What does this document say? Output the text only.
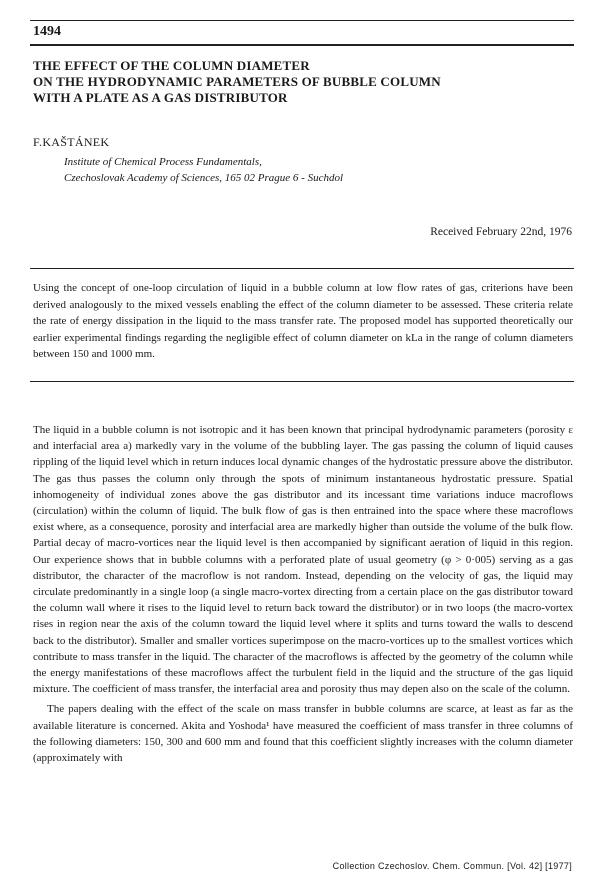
1494
THE EFFECT OF THE COLUMN DIAMETER
ON THE HYDRODYNAMIC PARAMETERS OF BUBBLE COLUMN
WITH A PLATE AS A GAS DISTRIBUTOR
F.KAŠTÁNEK
Institute of Chemical Process Fundamentals,
Czechoslovak Academy of Sciences, 165 02 Prague 6 - Suchdol
Received February 22nd, 1976

Using the concept of one-loop circulation of liquid in a bubble column at low flow rates of gas, criterions have been derived analogously to the mixed vessels enabling the effect of the column diameter to be assessed. These criteria relate the rate of energy dissipation in the liquid to the mass transfer rate. The proposed model has supported theoretically our earlier experimental findings regarding the negligible effect of column diameter on kLa in the range of column diameters between 150 and 1000 mm.

The liquid in a bubble column is not isotropic and it has been known that principal hydrodynamic parameters (porosity ε and interfacial area a) markedly vary in the volume of the bubbling layer. The gas passing the column of liquid causes rippling of the liquid level which in return induces local dynamic changes of the hydrostatic pressure above the distributor. The gas thus passes the column only through the spots of minimum instantaneous hydrostatic pressure. Spatial inhomogeneity of individual zones above the gas distributor and its incessant time variations induce macroflows (circulation) within the column of liquid. The bulk flow of gas is then entrained into the space where these macroflows exist where, as a consequence, porosity and interfacial area are markedly higher than outside the volume of the bulk flow. Partial decay of macro-vortices near the liquid level is then accompanied by significant aeration of liquid in this region. Our experience shows that in bubble columns with a perforated plate of usual geometry (φ > 0·005) serving as a gas distributor, the character of the macroflow is not random. Instead, depending on the velocity of gas, the liquid may circulate predominantly in a single loop (a single macro-vortex directing from a certain place on the gas distributor toward the column wall where it rises to the liquid level to return back toward the distributor) or in two loops (the macro-vortex rises in region near the axis of the column toward the liquid level where it splits and turns toward the walls to descend back to the distributor). Smaller and smaller vortices superimpose on the macro-vortices up to the smallest vortices which contribute to mass transfer in the liquid. The character of the macroflows is affected by the geometry of the column while the energy manifestations of these macroflows affect the turbulent field in the liquid and the structure of the gas liquid mixture. The coefficient of mass transfer, the interfacial area and porosity thus may depen also on the scale of the column.

The papers dealing with the effect of the scale on mass transfer in bubble columns are scarce, at least as far as the available literature is concerned. Akita and Yoshoda¹ have measured the coefficient of mass transfer in three columns of the following diameters: 150, 300 and 600 mm and found that this coefficient slightly increases with the column diameter (approximately with

Collection Czechoslov. Chem. Commun. [Vol. 42] [1977]
